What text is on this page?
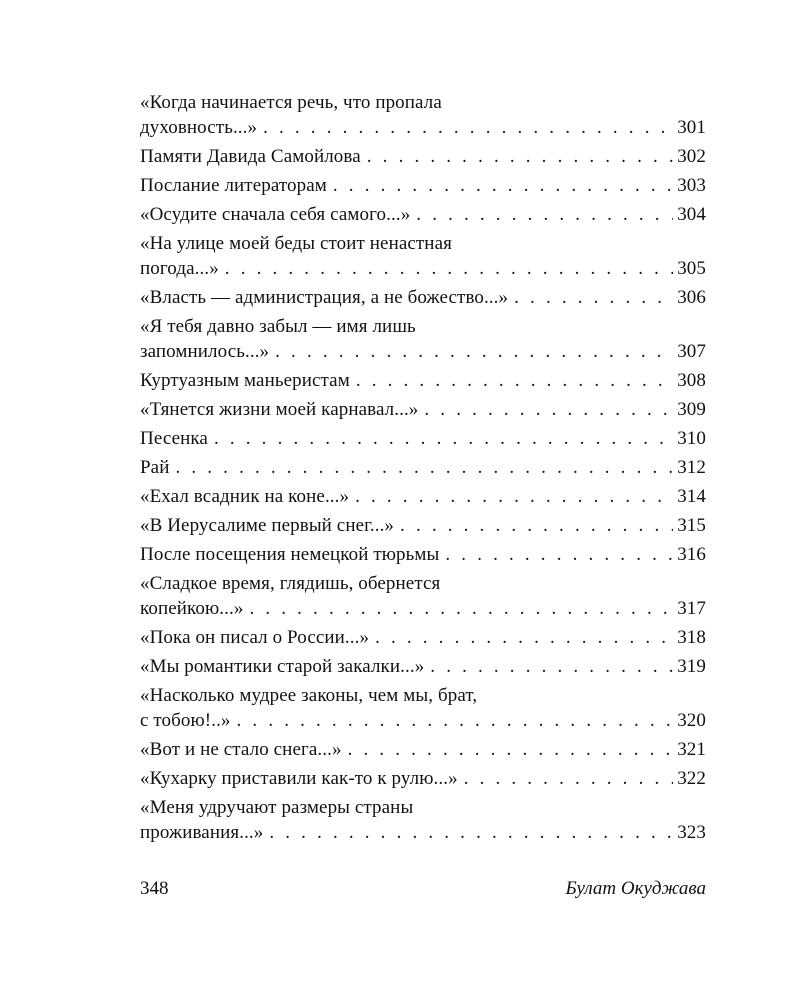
«Когда начинается речь, что пропала
духовность...» . . .	301
Памяти Давида Самойлова . . .	302
Послание литераторам . . .	303
«Осудите сначала себя самого...» . . .	304
«На улице моей беды стоит ненастная
погода...» . . .	305
«Власть — администрация, а не божество...» . . .	306
«Я тебя давно забыл — имя лишь
запомнилось...» . . .	307
Куртуазным маньеристам . . .	308
«Тянется жизни моей карнавал...» . . .	309
Песенка . . .	310
Рай . . .	312
«Ехал всадник на коне...» . . .	314
«В Иерусалиме первый снег...» . . .	315
После посещения немецкой тюрьмы . . .	316
«Сладкое время, глядишь, обернется
копейкою...» . . .	317
«Пока он писал о России...» . . .	318
«Мы романтики старой закалки...» . . .	319
«Насколько мудрее законы, чем мы, брат,
с тобою!..» . . .	320
«Вот и не стало снега...» . . .	321
«Кухарку приставили как-то к рулю...» . . .	322
«Меня удручают размеры страны
проживания...» . . .	323
348	Булат Окуджава
